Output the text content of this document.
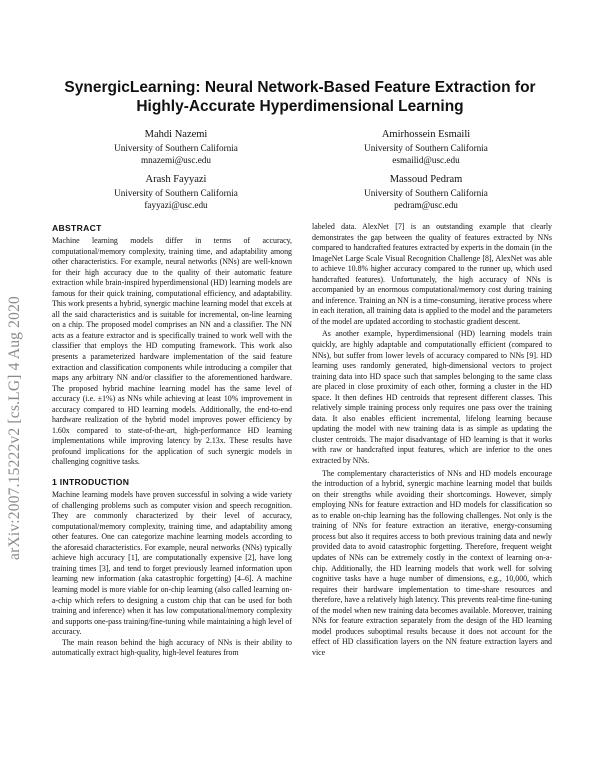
arXiv:2007.15222v2 [cs.LG] 4 Aug 2020
SynergicLearning: Neural Network-Based Feature Extraction for
Highly-Accurate Hyperdimensional Learning
Mahdi Nazemi
University of Southern California
mnazemi@usc.edu
Amirhossein Esmaili
University of Southern California
esmailid@usc.edu
Arash Fayyazi
University of Southern California
fayyazi@usc.edu
Massoud Pedram
University of Southern California
pedram@usc.edu
ABSTRACT

Machine learning models differ in terms of accuracy, computational/memory complexity, training time, and adaptability among other characteristics. For example, neural networks (NNs) are well-known for their high accuracy due to the quality of their automatic feature extraction while brain-inspired hyperdimensional (HD) learning models are famous for their quick training, computational efficiency, and adaptability. This work presents a hybrid, synergic machine learning model that excels at all the said characteristics and is suitable for incremental, on-line learning on a chip. The proposed model comprises an NN and a classifier. The NN acts as a feature extractor and is specifically trained to work well with the classifier that employs the HD computing framework. This work also presents a parameterized hardware implementation of the said feature extraction and classification components while introducing a compiler that maps any arbitrary NN and/or classifier to the aforementioned hardware. The proposed hybrid machine learning model has the same level of accuracy (i.e. ±1%) as NNs while achieving at least 10% improvement in accuracy compared to HD learning models. Additionally, the end-to-end hardware realization of the hybrid model improves power efficiency by 1.60x compared to state-of-the-art, high-performance HD learning implementations while improving latency by 2.13x. These results have profound implications for the application of such synergic models in challenging cognitive tasks.

1 INTRODUCTION

Machine learning models have proven successful in solving a wide variety of challenging problems such as computer vision and speech recognition. They are commonly characterized by their level of accuracy, computational/memory complexity, training time, and adaptability among other features. One can categorize machine learning models according to the aforesaid characteristics. For example, neural networks (NNs) typically achieve high accuracy [1], are computationally expensive [2], have long training times [3], and tend to forget previously learned information upon learning new information (aka catastrophic forgetting) [4–6]. A machine learning model is more viable for on-chip learning (also called learning on-a-chip which refers to designing a custom chip that can be used for both training and inference) when it has low computational/memory complexity and supports one-pass training/fine-tuning while maintaining a high level of accuracy.

The main reason behind the high accuracy of NNs is their ability to automatically extract high-quality, high-level features from

labeled data. AlexNet [7] is an outstanding example that clearly demonstrates the gap between the quality of features extracted by NNs compared to handcrafted features extracted by experts in the domain (in the ImageNet Large Scale Visual Recognition Challenge [8], AlexNet was able to achieve 10.8% higher accuracy compared to the runner up, which used handcrafted features). Unfortunately, the high accuracy of NNs is accompanied by an enormous computational/memory cost during training and inference. Training an NN is a time-consuming, iterative process where in each iteration, all training data is applied to the model and the parameters of the model are updated according to stochastic gradient descent.

As another example, hyperdimensional (HD) learning models train quickly, are highly adaptable and computationally efficient (compared to NNs), but suffer from lower levels of accuracy compared to NNs [9]. HD learning uses randomly generated, high-dimensional vectors to project training data into HD space such that samples belonging to the same class are placed in close proximity of each other, forming a cluster in the HD space. It then defines HD centroids that represent different classes. This relatively simple training process only requires one pass over the training data. It also enables efficient incremental, lifelong learning because updating the model with new training data is as simple as updating the cluster centroids. The major disadvantage of HD learning is that it works with raw or handcrafted input features, which are inferior to the ones extracted by NNs.

The complementary characteristics of NNs and HD models encourage the introduction of a hybrid, synergic machine learning model that builds on their strengths while avoiding their shortcomings. However, simply employing NNs for feature extraction and HD models for classification so as to enable on-chip learning has the following challenges. Not only is the training of NNs for feature extraction an iterative, energy-consuming process but also it requires access to both previous training data and newly provided data to avoid catastrophic forgetting. Therefore, frequent weight updates of NNs can be extremely costly in the context of learning on-a-chip. Additionally, the HD learning models that work well for solving cognitive tasks have a huge number of dimensions, e.g., 10,000, which requires their hardware implementation to time-share resources and therefore, have a relatively high latency. This prevents real-time fine-tuning of the model when new training data becomes available. Moreover, training NNs for feature extraction separately from the design of the HD learning model produces suboptimal results because it does not account for the effect of HD classification layers on the NN feature extraction layers and vice
